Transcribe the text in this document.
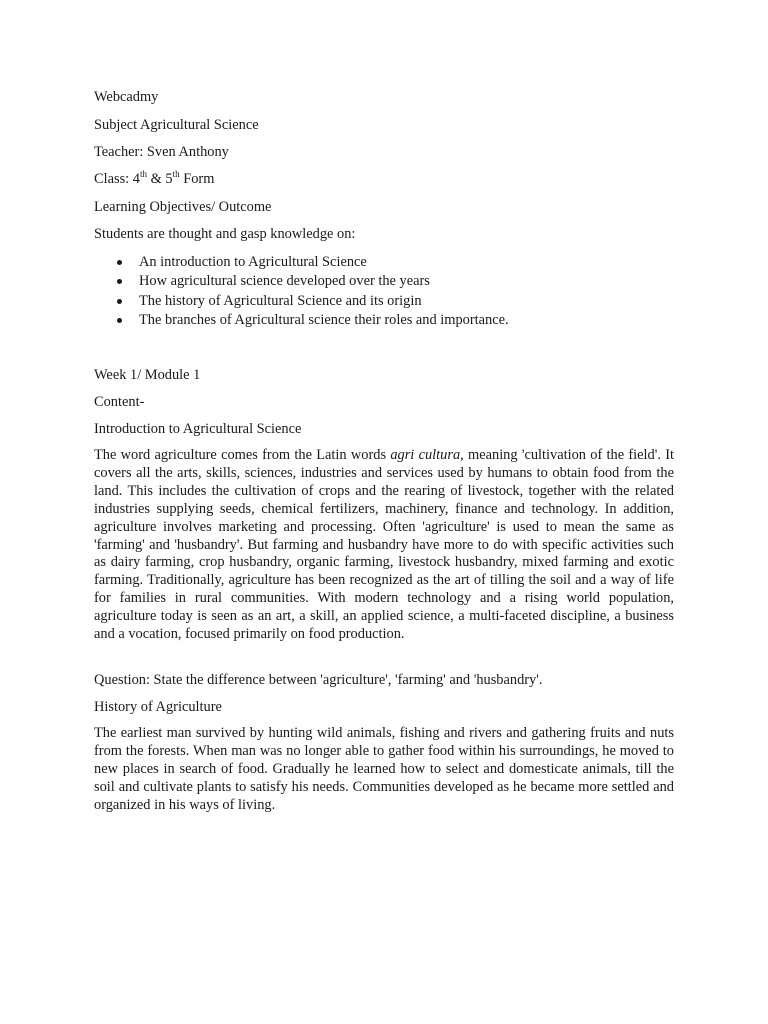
Webcadmy

Subject Agricultural Science

Teacher: Sven Anthony

Class: 4th & 5th Form

Learning Objectives/ Outcome

Students are thought and gasp knowledge on:

An introduction to Agricultural Science
How agricultural science developed over the years
The history of Agricultural Science and its origin
The branches of Agricultural science their roles and importance.

Week 1/ Module 1

Content-

Introduction to Agricultural Science

The word agriculture comes from the Latin words agri cultura, meaning 'cultivation of the field'. It covers all the arts, skills, sciences, industries and services used by humans to obtain food from the land. This includes the cultivation of crops and the rearing of livestock, together with the related industries supplying seeds, chemical fertilizers, machinery, finance and technology. In addition, agriculture involves marketing and processing. Often 'agriculture' is used to mean the same as 'farming' and 'husbandry'. But farming and husbandry have more to do with specific activities such as dairy farming, crop husbandry, organic farming, livestock husbandry, mixed farming and exotic farming. Traditionally, agriculture has been recognized as the art of tilling the soil and a way of life for families in rural communities. With modern technology and a rising world population, agriculture today is seen as an art, a skill, an applied science, a multi-faceted discipline, a business and a vocation, focused primarily on food production.

Question: State the difference between 'agriculture', 'farming' and 'husbandry'.

History of Agriculture

The earliest man survived by hunting wild animals, fishing and rivers and gathering fruits and nuts from the forests. When man was no longer able to gather food within his surroundings, he moved to new places in search of food. Gradually he learned how to select and domesticate animals, till the soil and cultivate plants to satisfy his needs. Communities developed as he became more settled and organized in his ways of living.
